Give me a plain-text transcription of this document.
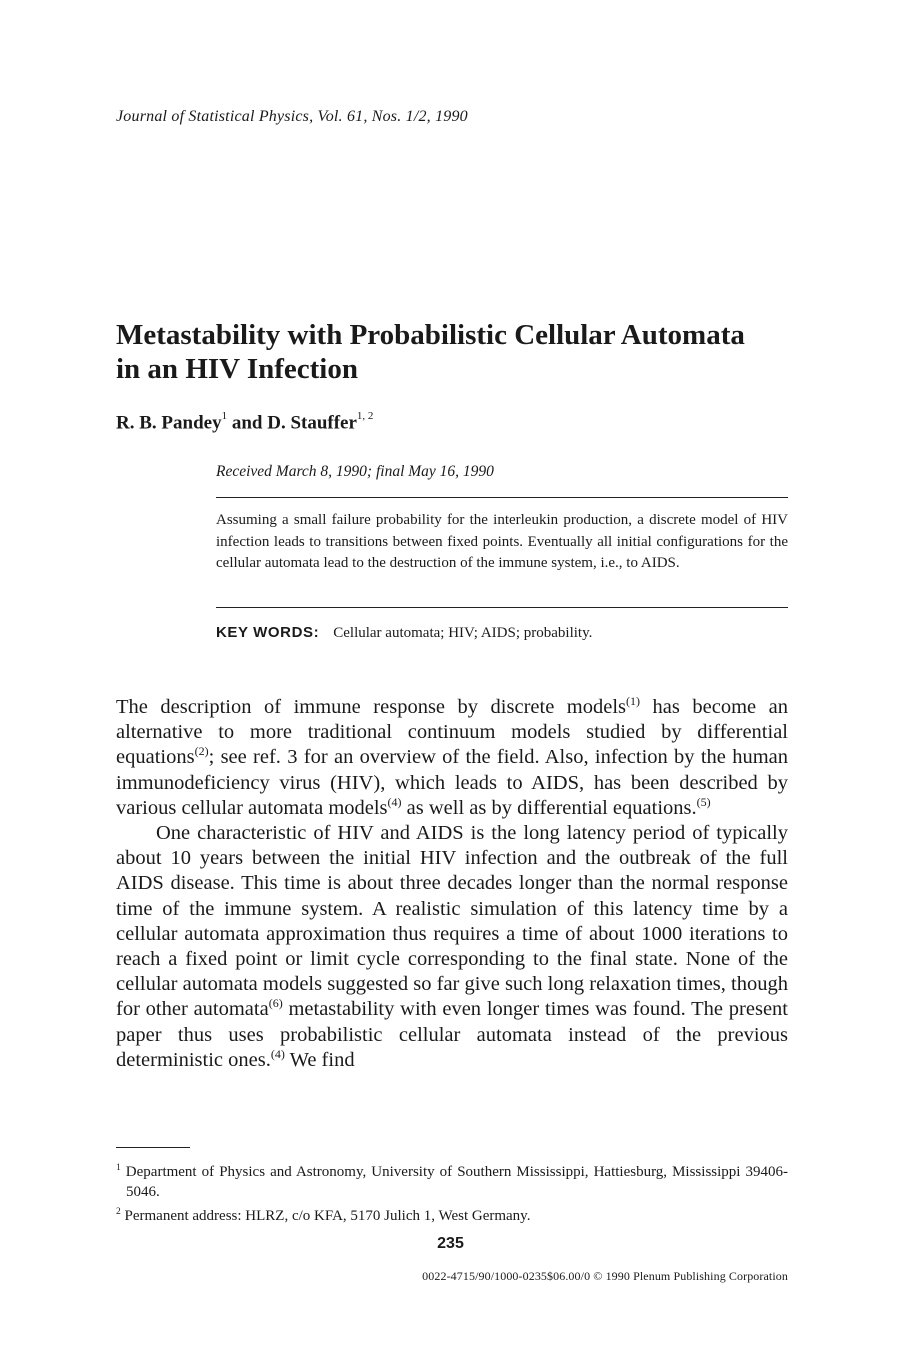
Journal of Statistical Physics, Vol. 61, Nos. 1/2, 1990
Metastability with Probabilistic Cellular Automata
in an HIV Infection
R. B. Pandey$^1$ and D. Stauffer$^{1, 2}$
Received March 8, 1990; final May 16, 1990
Assuming a small failure probability for the interleukin production, a discrete model of HIV infection leads to transitions between fixed points. Eventually all initial configurations for the cellular automata lead to the destruction of the immune system, i.e., to AIDS.
KEY WORDS: Cellular automata; HIV; AIDS; probability.

The description of immune response by discrete models$^{(1)}$ has become an alternative to more traditional continuum models studied by differential equations$^{(2)}$; see ref. 3 for an overview of the field. Also, infection by the human immunodeficiency virus (HIV), which leads to AIDS, has been described by various cellular automata models$^{(4)}$ as well as by differential equations.$^{(5)}$

One characteristic of HIV and AIDS is the long latency period of typically about 10 years between the initial HIV infection and the outbreak of the full AIDS disease. This time is about three decades longer than the normal response time of the immune system. A realistic simulation of this latency time by a cellular automata approximation thus requires a time of about 1000 iterations to reach a fixed point or limit cycle corresponding to the final state. None of the cellular automata models suggested so far give such long relaxation times, though for other automata$^{(6)}$ metastability with even longer times was found. The present paper thus uses probabilistic cellular automata instead of the previous deterministic ones.$^{(4)}$ We find

$^1$ Department of Physics and Astronomy, University of Southern Mississippi, Hattiesburg, Mississippi 39406-5046.

$^2$ Permanent address: HLRZ, c/o KFA, 5170 Julich 1, West Germany.

235
0022-4715/90/1000-0235$06.00/0 © 1990 Plenum Publishing Corporation
